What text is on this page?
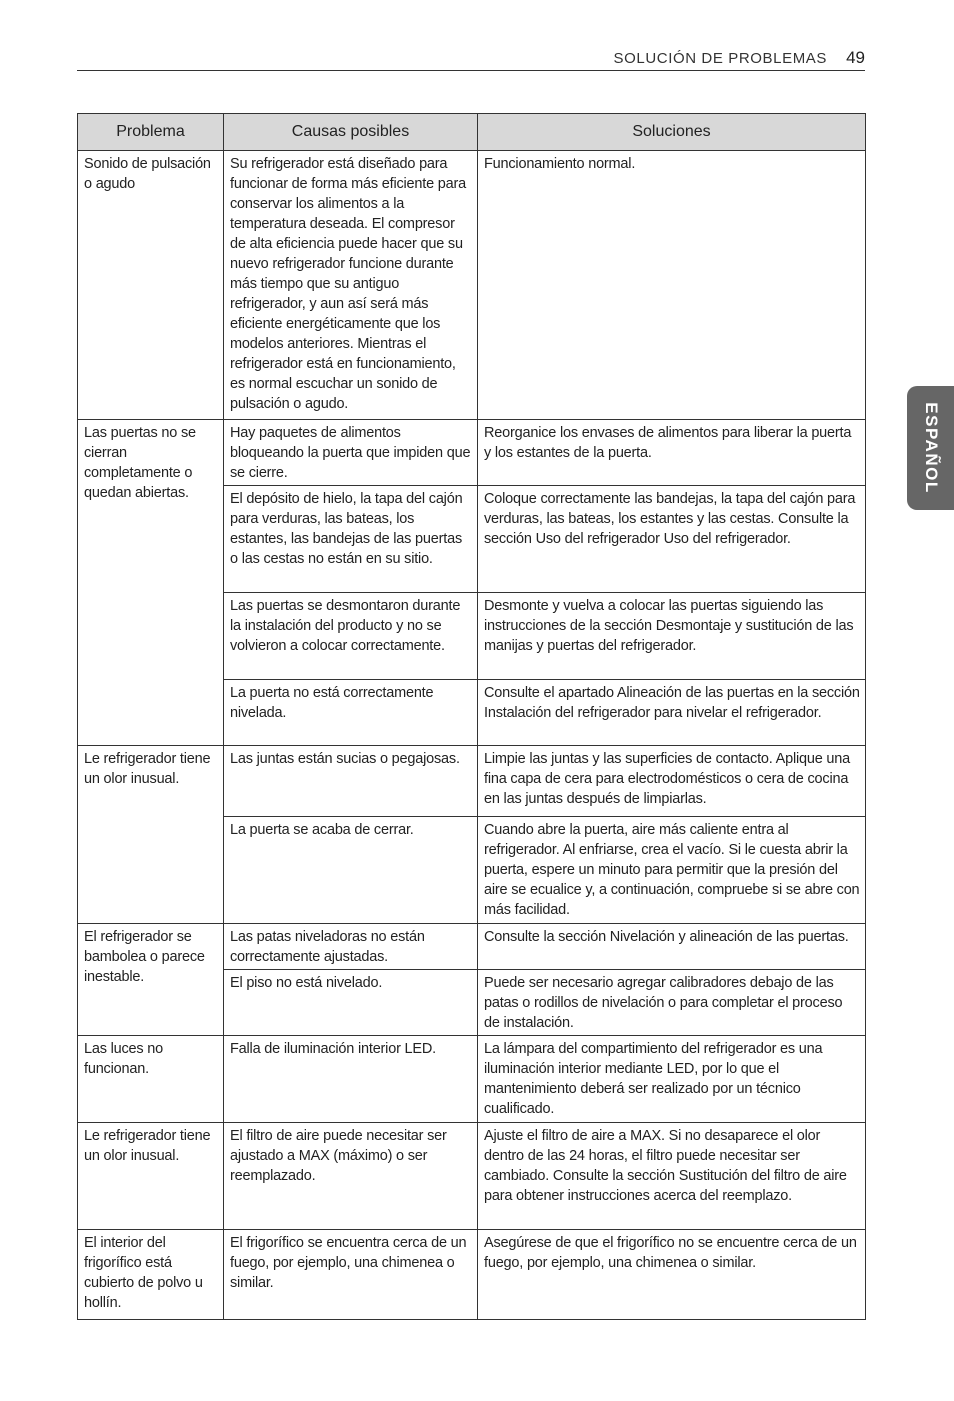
SOLUCIÓN DE PROBLEMAS 49
ESPAÑOL
Problema	Causas posibles	Soluciones
Sonido de pulsación o agudo	Su refrigerador está diseñado para funcionar de forma más eficiente para conservar los alimentos a la temperatura deseada. El compresor de alta eficiencia puede hacer que su nuevo refrigerador funcione durante más tiempo que su antiguo refrigerador, y aun así será más eficiente energéticamente que los modelos anteriores. Mientras el refrigerador está en funcionamiento, es normal escuchar un sonido de pulsación o agudo.	Funcionamiento normal.
Las puertas no se cierran completamente o quedan abiertas.	Hay paquetes de alimentos bloqueando la puerta que impiden que se cierre.	Reorganice los envases de alimentos para liberar la puerta y los estantes de la puerta.
	El depósito de hielo, la tapa del cajón para verduras, las bateas, los estantes, las bandejas de las puertas o las cestas no están en su sitio.	Coloque correctamente las bandejas, la tapa del cajón para verduras, las bateas, los estantes y las cestas. Consulte la sección Uso del refrigerador Uso del refrigerador.
	Las puertas se desmontaron durante la instalación del producto y no se volvieron a colocar correctamente.	Desmonte y vuelva a colocar las puertas siguiendo las instrucciones de la sección Desmontaje y sustitución de las manijas y puertas del refrigerador.
	La puerta no está correctamente nivelada.	Consulte el apartado Alineación de las puertas en la sección Instalación del refrigerador para nivelar el refrigerador.
Le refrigerador tiene un olor inusual.	Las juntas están sucias o pegajosas.	Limpie las juntas y las superficies de contacto. Aplique una fina capa de cera para electrodomésticos o cera de cocina en las juntas después de limpiarlas.
	La puerta se acaba de cerrar.	Cuando abre la puerta, aire más caliente entra al refrigerador. Al enfriarse, crea el vacío. Si le cuesta abrir la puerta, espere un minuto para permitir que la presión del aire se ecualice y, a continuación, compruebe si se abre con más facilidad.
El refrigerador se bambolea o parece inestable.	Las patas niveladoras no están correctamente ajustadas.	Consulte la sección Nivelación y alineación de las puertas.
	El piso no está nivelado.	Puede ser necesario agregar calibradores debajo de las patas o rodillos de nivelación o para completar el proceso de instalación.
Las luces no funcionan.	Falla de iluminación interior LED.	La lámpara del compartimiento del refrigerador es una iluminación interior mediante LED, por lo que el mantenimiento deberá ser realizado por un técnico cualificado.
Le refrigerador tiene un olor inusual.	El filtro de aire puede necesitar ser ajustado a MAX (máximo) o ser reemplazado.	Ajuste el filtro de aire a MAX. Si no desaparece el olor dentro de las 24 horas, el filtro puede necesitar ser cambiado. Consulte la sección Sustitución del filtro de aire para obtener instrucciones acerca del reemplazo.
El interior del frigorífico está cubierto de polvo u hollín.	El frigorífico se encuentra cerca de un fuego, por ejemplo, una chimenea o similar.	Asegúrese de que el frigorífico no se encuentre cerca de un fuego, por ejemplo, una chimenea o similar.
